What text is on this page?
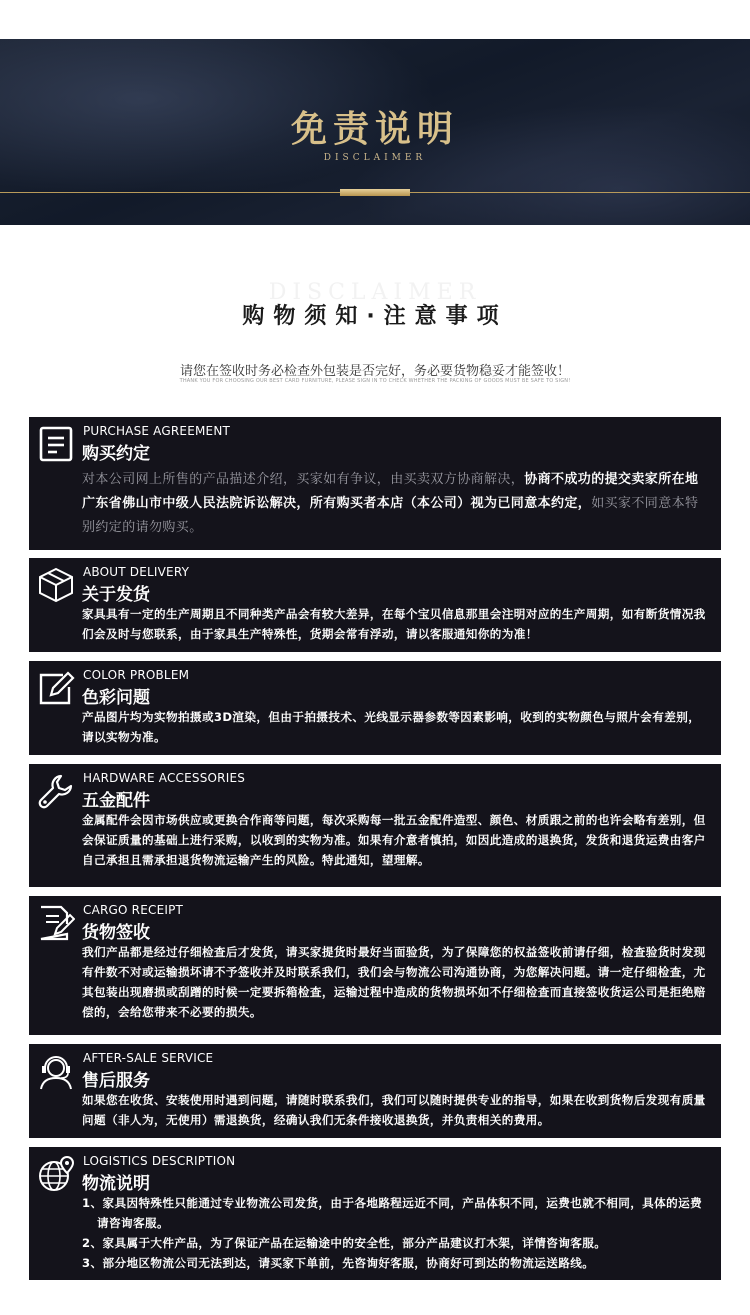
免责说明
DISCLAIMER
DISCLAIMER
购物须知·注意事项
请您在签收时务必检查外包装是否完好，务必要货物稳妥才能签收！
THANK YOU FOR CHOOSING OUR BEST CARD FURNITURE, PLEASE SIGN IN TO CHECK WHETHER THE PACKING OF GOODS MUST BE SAFE TO SIGN!
PURCHASE AGREEMENT
购买约定

对本公司网上所售的产品描述介绍，买家如有争议，由买卖双方协商解决，协商不成功的提交卖家所在地广东省佛山市中级人民法院诉讼解决，所有购买者本店（本公司）视为已同意本约定，如买家不同意本特别约定的请勿购买。

ABOUT DELIVERY
关于发货
家具具有一定的生产周期且不同种类产品会有较大差异，在每个宝贝信息那里会注明对应的生产周期，如有断货情况我们会及时与您联系，由于家具生产特殊性，货期会常有浮动，请以客服通知你的为准！
COLOR PROBLEM
色彩问题
产品图片均为实物拍摄或3D渲染，但由于拍摄技术、光线显示器参数等因素影响，收到的实物颜色与照片会有差别，请以实物为准。
HARDWARE ACCESSORIES
五金配件
金属配件会因市场供应或更换合作商等问题，每次采购每一批五金配件造型、颜色、材质跟之前的也许会略有差别，但会保证质量的基础上进行采购，以收到的实物为准。如果有介意者慎拍，如因此造成的退换货，发货和退货运费由客户自己承担且需承担退货物流运输产生的风险。特此通知，望理解。
CARGO RECEIPT
货物签收
我们产品都是经过仔细检查后才发货，请买家提货时最好当面验货，为了保障您的权益签收前请仔细，检查验货时发现有件数不对或运输损坏请不予签收并及时联系我们，我们会与物流公司沟通协商，为您解决问题。请一定仔细检查，尤其包装出现磨损或刮蹭的时候一定要拆箱检查，运输过程中造成的货物损坏如不仔细检查而直接签收货运公司是拒绝赔偿的，会给您带来不必要的损失。
AFTER-SALE SERVICE
售后服务
如果您在收货、安装使用时遇到问题，请随时联系我们，我们可以随时提供专业的指导，如果在收到货物后发现有质量问题（非人为，无使用）需退换货，经确认我们无条件接收退换货，并负责相关的费用。
LOGISTICS DESCRIPTION
物流说明

1、家具因特殊性只能通过专业物流公司发货，由于各地路程远近不同，产品体积不同，运费也就不相同，具体的运费请咨询客服。

2、家具属于大件产品，为了保证产品在运输途中的安全性，部分产品建议打木架，详情咨询客服。

3、部分地区物流公司无法到达，请买家下单前，先咨询好客服，协商好可到达的物流运送路线。
